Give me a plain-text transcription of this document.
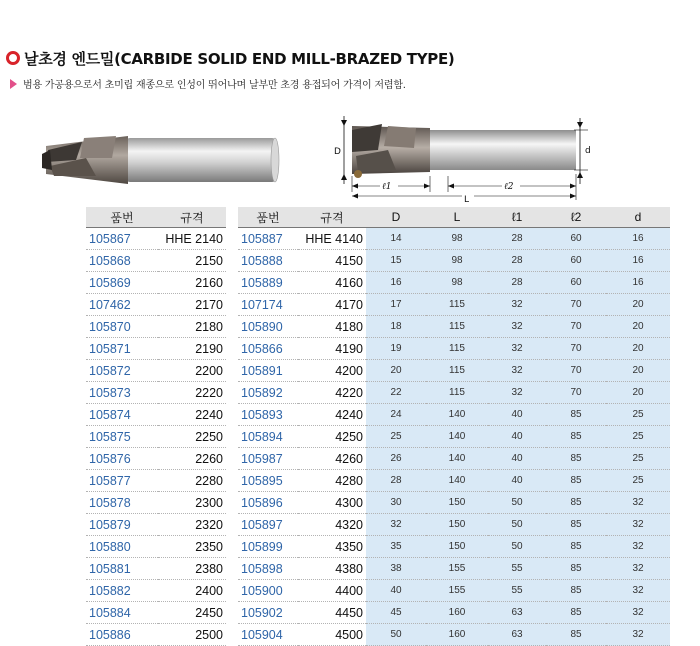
날초경 엔드밀(CARBIDE SOLID END MILL-BRAZED TYPE)
범용 가공용으로서 초미립 재종으로 인성이 뛰어나며 날부만 초경 용접되어 가격이 저렴함.
D	d
ℓ1	ℓ2
L
품번	규격
105867	HHE 2140
105868	2150
105869	2160
107462	2170
105870	2180
105871	2190
105872	2200
105873	2220
105874	2240
105875	2250
105876	2260
105877	2280
105878	2300
105879	2320
105880	2350
105881	2380
105882	2400
105884	2450
105886	2500
품번	규격	D	L	ℓ1	ℓ2	d
105887	HHE 4140	14	98	28	60	16
105888	4150	15	98	28	60	16
105889	4160	16	98	28	60	16
107174	4170	17	115	32	70	20
105890	4180	18	115	32	70	20
105866	4190	19	115	32	70	20
105891	4200	20	115	32	70	20
105892	4220	22	115	32	70	20
105893	4240	24	140	40	85	25
105894	4250	25	140	40	85	25
105987	4260	26	140	40	85	25
105895	4280	28	140	40	85	25
105896	4300	30	150	50	85	32
105897	4320	32	150	50	85	32
105899	4350	35	150	50	85	32
105898	4380	38	155	55	85	32
105900	4400	40	155	55	85	32
105902	4450	45	160	63	85	32
105904	4500	50	160	63	85	32
